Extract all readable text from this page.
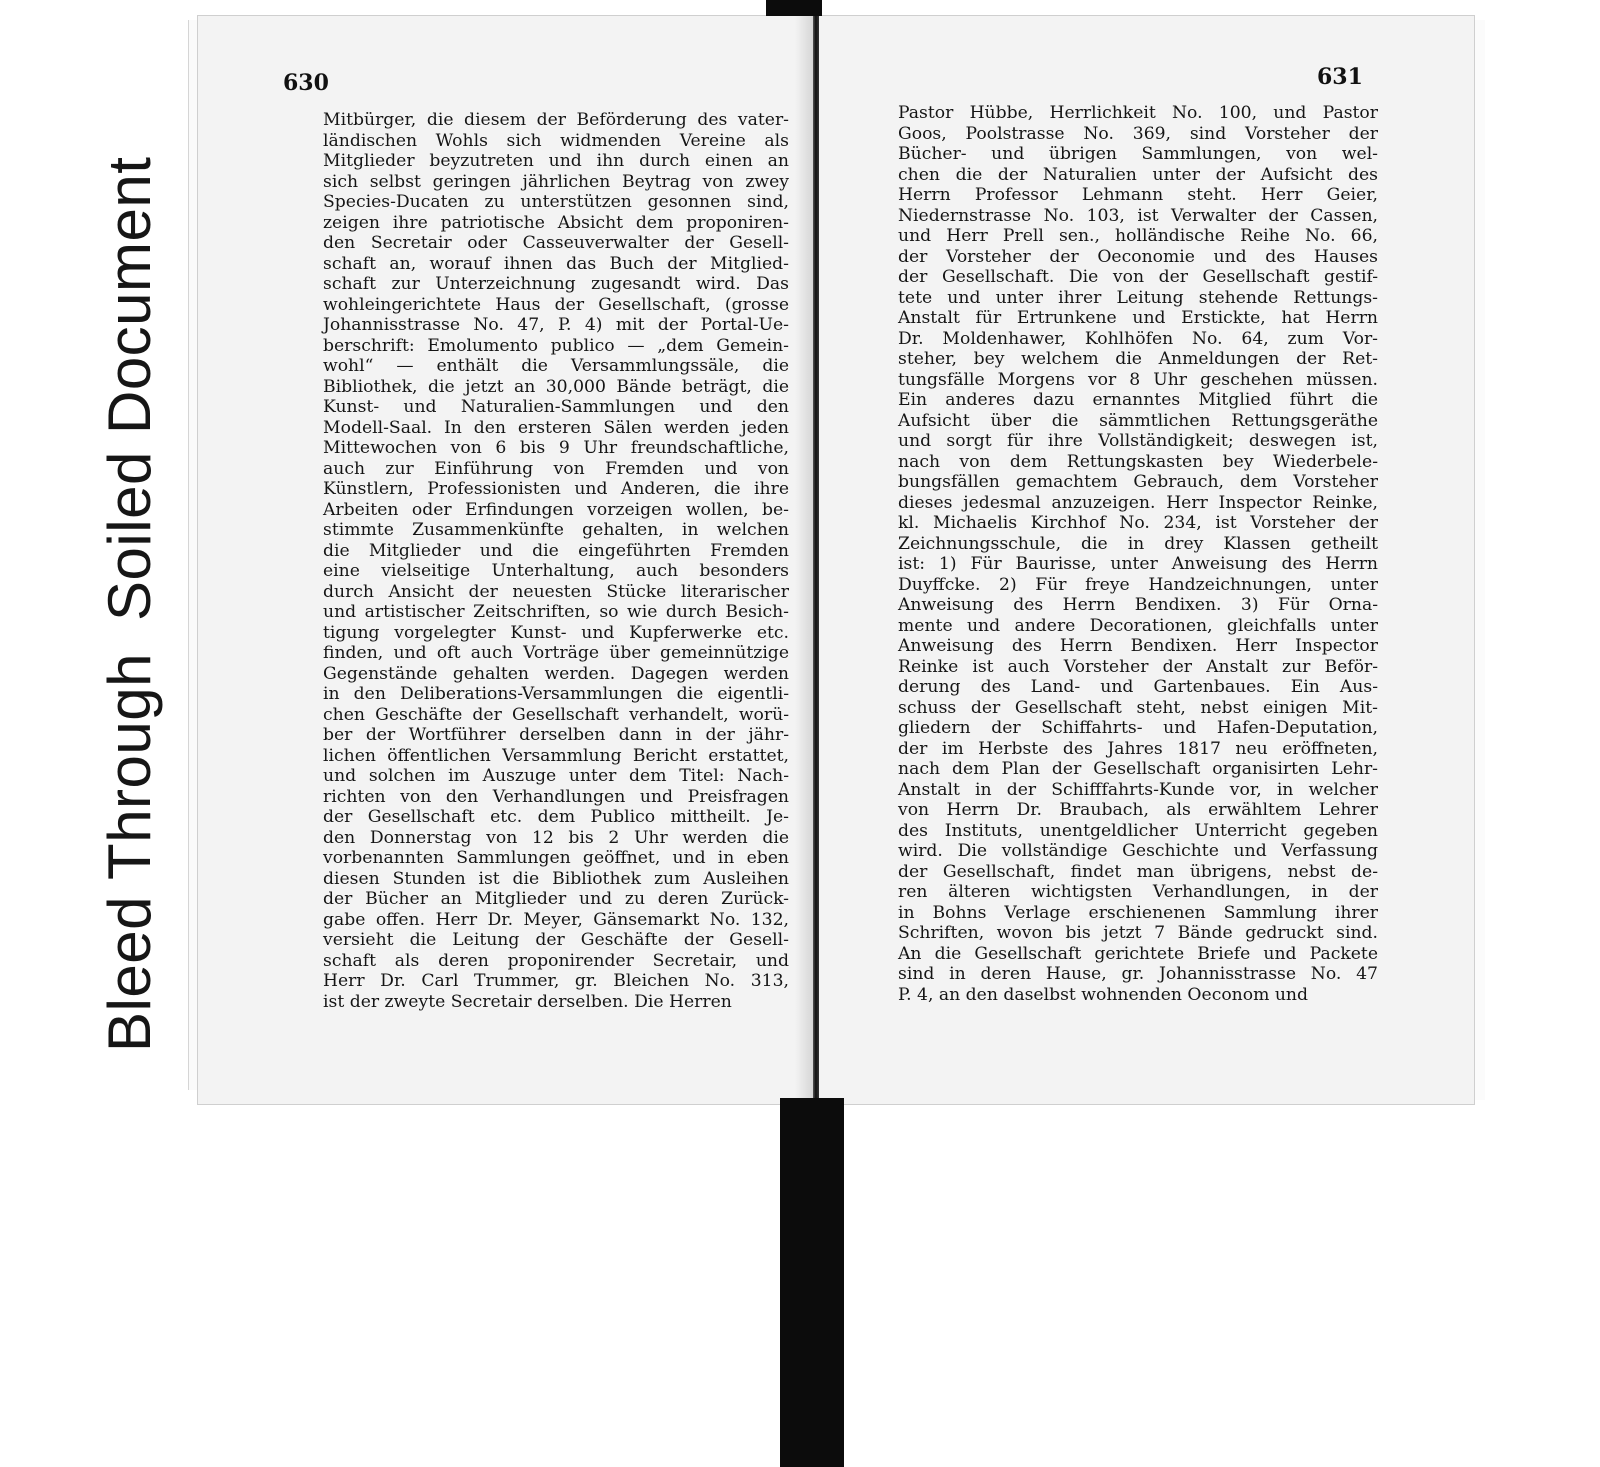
Bleed ThroughSoiled Document
630	631
Mitbürger, die diesem der Beförderung des vater-
ländischen Wohls sich widmenden Vereine als
Mitglieder beyzutreten und ihn durch einen an
sich selbst geringen jährlichen Beytrag von zwey
Species-Ducaten zu unterstützen gesonnen sind,
zeigen ihre patriotische Absicht dem proponiren-
den Secretair oder Casseuverwalter der Gesell-
schaft an, worauf ihnen das Buch der Mitglied-
schaft zur Unterzeichnung zugesandt wird. Das
wohleingerichtete Haus der Gesellschaft, (grosse
Johannisstrasse No. 47, P. 4) mit der Portal-Ue-
berschrift: Emolumento publico — „dem Gemein-
wohl“ — enthält die Versammlungssäle, die
Bibliothek, die jetzt an 30,000 Bände beträgt, die
Kunst- und Naturalien-Sammlungen und den
Modell-Saal. In den ersteren Sälen werden jeden
Mittewochen von 6 bis 9 Uhr freundschaftliche,
auch zur Einführung von Fremden und von
Künstlern, Professionisten und Anderen, die ihre
Arbeiten oder Erfindungen vorzeigen wollen, be-
stimmte Zusammenkünfte gehalten, in welchen
die Mitglieder und die eingeführten Fremden
eine vielseitige Unterhaltung, auch besonders
durch Ansicht der neuesten Stücke literarischer
und artistischer Zeitschriften, so wie durch Besich-
tigung vorgelegter Kunst- und Kupferwerke etc.
finden, und oft auch Vorträge über gemeinnützige
Gegenstände gehalten werden. Dagegen werden
in den Deliberations-Versammlungen die eigentli-
chen Geschäfte der Gesellschaft verhandelt, worü-
ber der Wortführer derselben dann in der jähr-
lichen öffentlichen Versammlung Bericht erstattet,
und solchen im Auszuge unter dem Titel: Nach-
richten von den Verhandlungen und Preisfragen
der Gesellschaft etc. dem Publico mittheilt. Je-
den Donnerstag von 12 bis 2 Uhr werden die
vorbenannten Sammlungen geöffnet, und in eben
diesen Stunden ist die Bibliothek zum Ausleihen
der Bücher an Mitglieder und zu deren Zurück-
gabe offen. Herr Dr. Meyer, Gänsemarkt No. 132,
versieht die Leitung der Geschäfte der Gesell-
schaft als deren proponirender Secretair, und
Herr Dr. Carl Trummer, gr. Bleichen No. 313,
ist der zweyte Secretair derselben. Die Herren
Pastor Hübbe, Herrlichkeit No. 100, und Pastor
Goos, Poolstrasse No. 369, sind Vorsteher der
Bücher- und übrigen Sammlungen, von wel-
chen die der Naturalien unter der Aufsicht des
Herrn Professor Lehmann steht. Herr Geier,
Niedernstrasse No. 103, ist Verwalter der Cassen,
und Herr Prell sen., holländische Reihe No. 66,
der Vorsteher der Oeconomie und des Hauses
der Gesellschaft. Die von der Gesellschaft gestif-
tete und unter ihrer Leitung stehende Rettungs-
Anstalt für Ertrunkene und Erstickte, hat Herrn
Dr. Moldenhawer, Kohlhöfen No. 64, zum Vor-
steher, bey welchem die Anmeldungen der Ret-
tungsfälle Morgens vor 8 Uhr geschehen müssen.
Ein anderes dazu ernanntes Mitglied führt die
Aufsicht über die sämmtlichen Rettungsgeräthe
und sorgt für ihre Vollständigkeit; deswegen ist,
nach von dem Rettungskasten bey Wiederbele-
bungsfällen gemachtem Gebrauch, dem Vorsteher
dieses jedesmal anzuzeigen. Herr Inspector Reinke,
kl. Michaelis Kirchhof No. 234, ist Vorsteher der
Zeichnungsschule, die in drey Klassen getheilt
ist: 1) Für Baurisse, unter Anweisung des Herrn
Duyffcke. 2) Für freye Handzeichnungen, unter
Anweisung des Herrn Bendixen. 3) Für Orna-
mente und andere Decorationen, gleichfalls unter
Anweisung des Herrn Bendixen. Herr Inspector
Reinke ist auch Vorsteher der Anstalt zur Beför-
derung des Land- und Gartenbaues. Ein Aus-
schuss der Gesellschaft steht, nebst einigen Mit-
gliedern der Schiffahrts- und Hafen-Deputation,
der im Herbste des Jahres 1817 neu eröffneten,
nach dem Plan der Gesellschaft organisirten Lehr-
Anstalt in der Schifffahrts-Kunde vor, in welcher
von Herrn Dr. Braubach, als erwähltem Lehrer
des Instituts, unentgeldlicher Unterricht gegeben
wird. Die vollständige Geschichte und Verfassung
der Gesellschaft, findet man übrigens, nebst de-
ren älteren wichtigsten Verhandlungen, in der
in Bohns Verlage erschienenen Sammlung ihrer
Schriften, wovon bis jetzt 7 Bände gedruckt sind.
An die Gesellschaft gerichtete Briefe und Packete
sind in deren Hause, gr. Johannisstrasse No. 47
P. 4, an den daselbst wohnenden Oeconom und
